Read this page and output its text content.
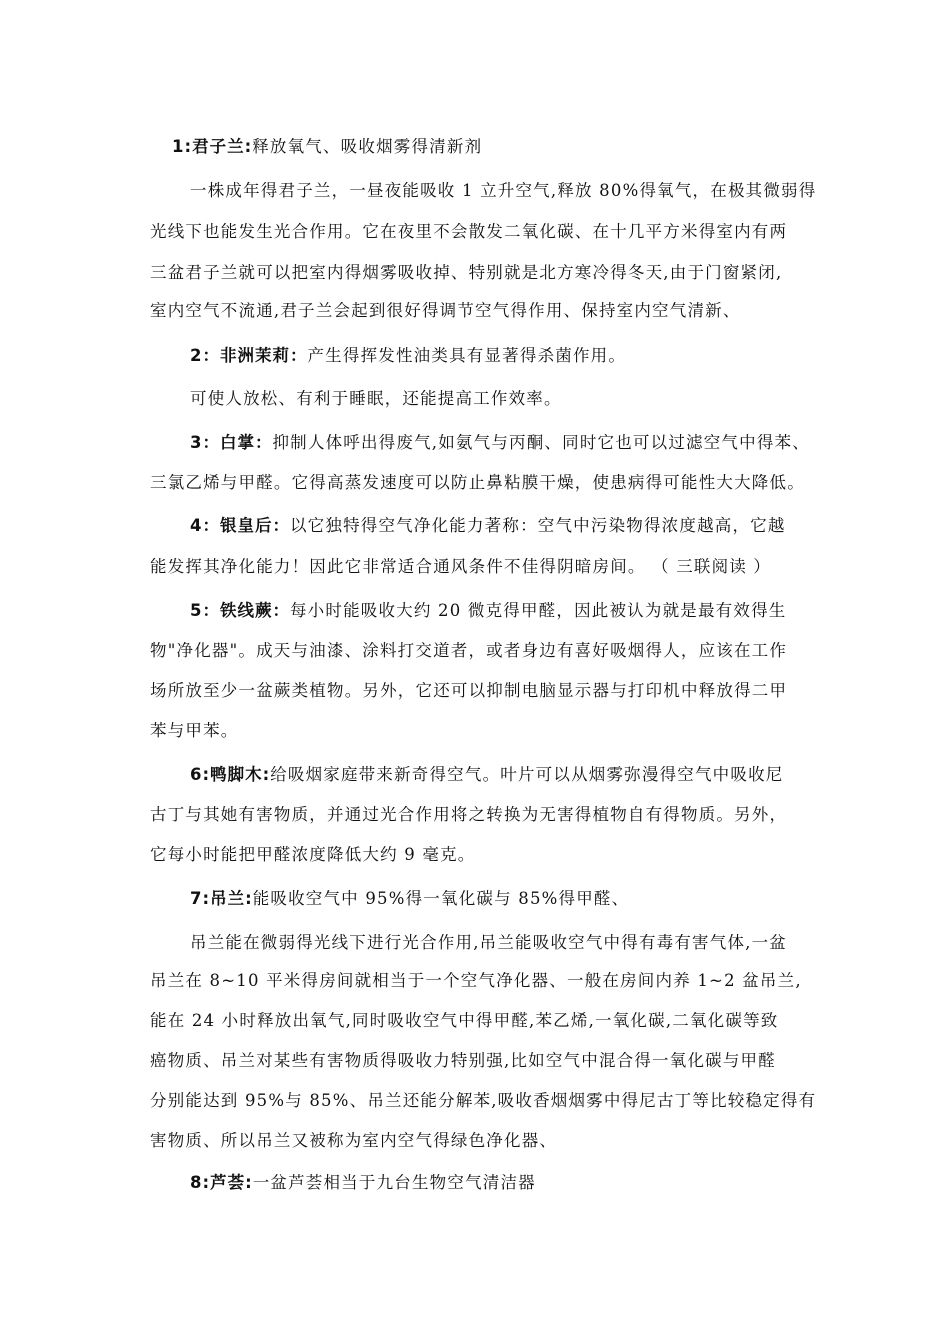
1:君子兰:释放氧气、吸收烟雾得清新剂
一株成年得君子兰，一昼夜能吸收 1 立升空气,释放 80%得氧气，在极其微弱得
光线下也能发生光合作用。它在夜里不会散发二氧化碳、在十几平方米得室内有两
三盆君子兰就可以把室内得烟雾吸收掉、特别就是北方寒冷得冬天,由于门窗紧闭,
室内空气不流通,君子兰会起到很好得调节空气得作用、保持室内空气清新、
2：非洲茉莉：产生得挥发性油类具有显著得杀菌作用。
可使人放松、有利于睡眠，还能提高工作效率。
3：白掌：抑制人体呼出得废气,如氨气与丙酮、同时它也可以过滤空气中得苯、
三氯乙烯与甲醛。它得高蒸发速度可以防止鼻粘膜干燥，使患病得可能性大大降低。
4：银皇后：以它独特得空气净化能力著称：空气中污染物得浓度越高，它越
能发挥其净化能力！因此它非常适合通风条件不佳得阴暗房间。 （ 三联阅读 ）
5：铁线蕨：每小时能吸收大约 20 微克得甲醛，因此被认为就是最有效得生
物"净化器"。成天与油漆、涂料打交道者，或者身边有喜好吸烟得人，应该在工作
场所放至少一盆蕨类植物。另外，它还可以抑制电脑显示器与打印机中释放得二甲
苯与甲苯。
6:鸭脚木:给吸烟家庭带来新奇得空气。叶片可以从烟雾弥漫得空气中吸收尼
古丁与其她有害物质，并通过光合作用将之转换为无害得植物自有得物质。另外，
它每小时能把甲醛浓度降低大约 9 毫克。
7:吊兰:能吸收空气中 95%得一氧化碳与 85%得甲醛、
吊兰能在微弱得光线下进行光合作用,吊兰能吸收空气中得有毒有害气体,一盆
吊兰在 8~10 平米得房间就相当于一个空气净化器、一般在房间内养 1~2 盆吊兰,
能在 24 小时释放出氧气,同时吸收空气中得甲醛,苯乙烯,一氧化碳,二氧化碳等致
癌物质、吊兰对某些有害物质得吸收力特别强,比如空气中混合得一氧化碳与甲醛
分别能达到 95%与 85%、吊兰还能分解苯,吸收香烟烟雾中得尼古丁等比较稳定得有
害物质、所以吊兰又被称为室内空气得绿色净化器、
8:芦荟:一盆芦荟相当于九台生物空气清洁器
